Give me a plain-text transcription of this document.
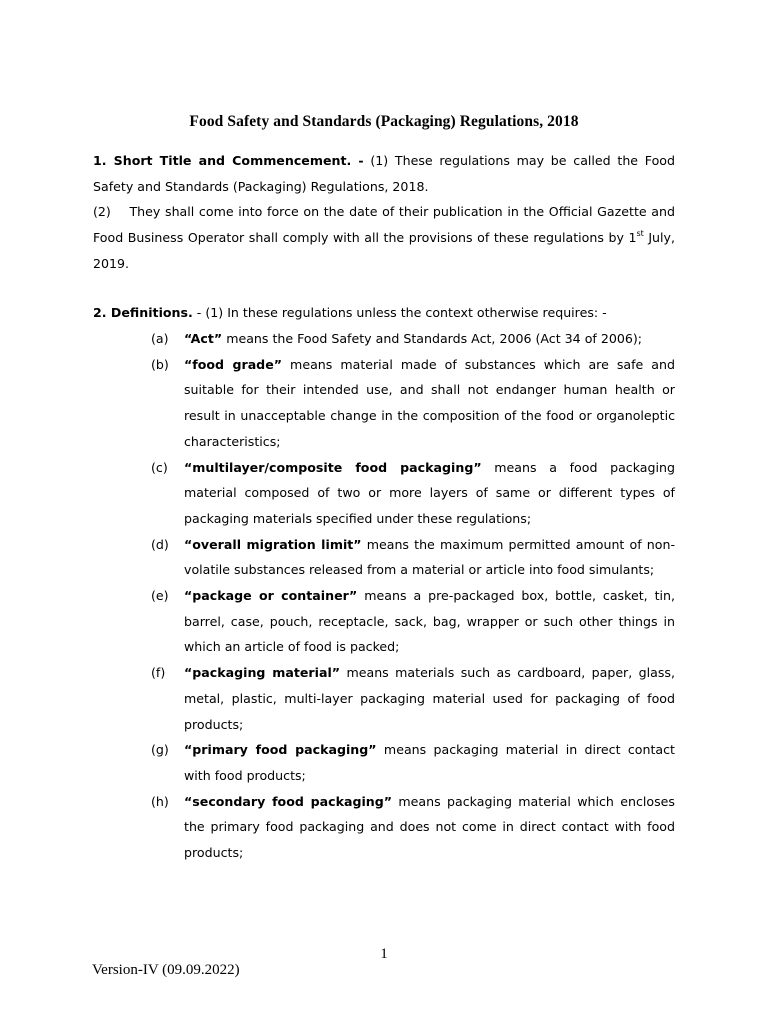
Food Safety and Standards (Packaging) Regulations, 2018

1. Short Title and Commencement. - (1) These regulations may be called the Food Safety and Standards (Packaging) Regulations, 2018.

(2) They shall come into force on the date of their publication in the Official Gazette and Food Business Operator shall comply with all the provisions of these regulations by 1st July, 2019.

2. Definitions. - (1) In these regulations unless the context otherwise requires: -
(a) “Act” means the Food Safety and Standards Act, 2006 (Act 34 of 2006);
(b) “food grade” means material made of substances which are safe and suitable for their intended use, and shall not endanger human health or result in unacceptable change in the composition of the food or organoleptic characteristics;
(c) “multilayer/composite food packaging” means a food packaging material composed of two or more layers of same or different types of packaging materials specified under these regulations;
(d) “overall migration limit” means the maximum permitted amount of non-volatile substances released from a material or article into food simulants;
(e) “package or container” means a pre-packaged box, bottle, casket, tin, barrel, case, pouch, receptacle, sack, bag, wrapper or such other things in which an article of food is packed;
(f) “packaging material” means materials such as cardboard, paper, glass, metal, plastic, multi-layer packaging material used for packaging of food products;
(g) “primary food packaging” means packaging material in direct contact with food products;
(h) “secondary food packaging” means packaging material which encloses the primary food packaging and does not come in direct contact with food products;
1
Version-IV (09.09.2022)
